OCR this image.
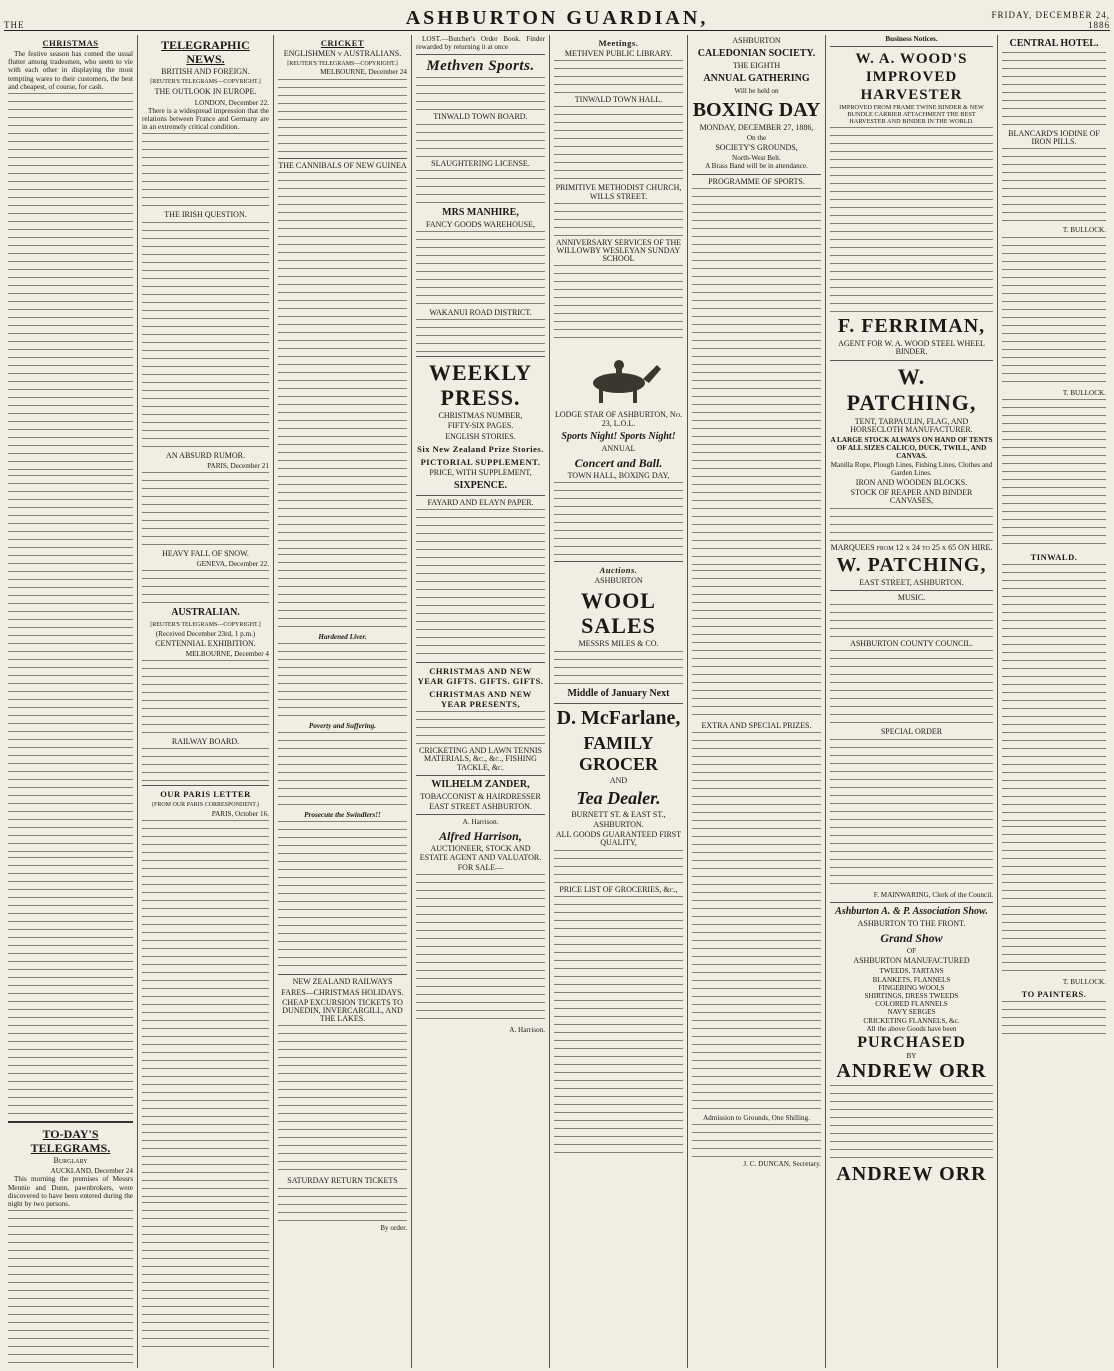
THE	ASHBURTON GUARDIAN,	FRIDAY, DECEMBER 24, 1886
CHRISTMAS

The festive season has comed the usual flutter among tradesmen, who seem to vie with each other in displaying the most tempting wares to their customers, the best and cheapest, of course, for cash.

TO-DAY'S TELEGRAMS.
Burglary
AUCKLAND, December 24

This morning the premises of Messrs Mennie and Dunn, pawnbrokers, were discovered to have been entered during the night by two persons.

TELEGRAPHIC NEWS.
BRITISH AND FOREIGN.
[REUTER'S TELEGRAMS—COPYRIGHT.]
THE OUTLOOK IN EUROPE.
LONDON, December 22.

There is a widespread impression that the relations between France and Germany are in an extremely critical condition.

THE IRISH QUESTION.
AN ABSURD RUMOR.
PARIS, December 21
HEAVY FALL OF SNOW.
GENEVA, December 22.
AUSTRALIAN.
[REUTER'S TELEGRAMS—COPYRIGHT.]
(Received December 23rd, 1 p.m.)
CENTENNIAL EXHIBITION.
MELBOURNE, December 4
RAILWAY BOARD.
OUR PARIS LETTER
(FROM OUR PARIS CORRESPONDENT.)
PARIS, October 16.
CRICKET
ENGLISHMEN v AUSTRALIANS.
[REUTER'S TELEGRAMS—COPYRIGHT.]
MELBOURNE, December 24
THE CANNIBALS OF NEW GUINEA
Hardened Liver.
Poverty and Suffering.
Prosecute the Swindlers!!
NEW ZEALAND RAILWAYS
FARES—CHRISTMAS HOLIDAYS.
CHEAP EXCURSION TICKETS TO DUNEDIN, INVERCARGILL, AND THE LAKES.
SATURDAY RETURN TICKETS
By order.

LOST.—Butcher's Order Book. Finder rewarded by returning it at once

Methven Sports.
TINWALD TOWN BOARD.
SLAUGHTERING LICENSE.
MRS MANHIRE,
FANCY GOODS WAREHOUSE,
WAKANUI ROAD DISTRICT.
WEEKLY PRESS.
CHRISTMAS NUMBER,
FIFTY-SIX PAGES.
ENGLISH STORIES.
Six New Zealand Prize Stories.
PICTORIAL SUPPLEMENT.
PRICE, WITH SUPPLEMENT,
SIXPENCE.
FAYARD AND ELAYN PAPER.
CHRISTMAS AND NEW YEAR GIFTS. GIFTS. GIFTS.
CHRISTMAS AND NEW YEAR PRESENTS,
CRICKETING AND LAWN TENNIS MATERIALS, &c., &c., FISHING TACKLE, &c.
WILHELM ZANDER,
TOBACCONIST & HAIRDRESSER
EAST STREET ASHBURTON.
A. Harrison.
Alfred Harrison,
AUCTIONEER, STOCK AND ESTATE AGENT AND VALUATOR.
FOR SALE—
A. Harrison.
Meetings.
METHVEN PUBLIC LIBRARY.
TINWALD TOWN HALL.
PRIMITIVE METHODIST CHURCH, WILLS STREET.
ANNIVERSARY SERVICES OF THE WILLOWBY WESLEYAN SUNDAY SCHOOL
LODGE STAR OF ASHBURTON, No. 23, L.O.L.
Sports Night! Sports Night!
ANNUAL
Concert and Ball.
TOWN HALL, BOXING DAY,
Auctions.
ASHBURTON
WOOL SALES
MESSRS MILES & CO.
Middle of January Next
D. McFarlane,
FAMILY GROCER
AND
Tea Dealer.
BURNETT ST. & EAST ST.,
ASHBURTON.
ALL GOODS GUARANTEED FIRST QUALITY,
PRICE LIST OF GROCERIES, &c.,
ASHBURTON
CALEDONIAN SOCIETY.
THE EIGHTH
ANNUAL GATHERING
Will be held on
BOXING DAY
MONDAY, DECEMBER 27, 1886,
On the
SOCIETY'S GROUNDS,
North-West Belt.
A Brass Band will be in attendance.
PROGRAMME OF SPORTS.
EXTRA AND SPECIAL PRIZES.
Admission to Grounds, One Shilling.
J. C. DUNCAN, Secretary.
Business Notices.
W. A. WOOD'S IMPROVED HARVESTER
IMPROVED FROM FRAME TWINE BINDER & NEW BUNDLE CARRIER ATTACHMENT THE BEST HARVESTER AND BINDER IN THE WORLD.
F. FERRIMAN,
AGENT FOR W. A. WOOD STEEL WHEEL BINDER.
W. PATCHING,
TENT, TARPAULIN, FLAG, AND HORSECLOTH MANUFACTURER.
A LARGE STOCK ALWAYS ON HAND OF TENTS OF ALL SIZES CALICO, DUCK, TWILL, AND CANVAS.
Manilla Rope, Plough Lines, Fishing Lines, Clothes and Garden Lines.
IRON AND WOODEN BLOCKS.
STOCK OF REAPER AND BINDER CANVASES,
MARQUEES from 12 x 24 to 25 x 65 ON HIRE.
W. PATCHING,
EAST STREET, ASHBURTON.
MUSIC.
ASHBURTON COUNTY COUNCIL.
SPECIAL ORDER
F. MAINWARING, Clerk of the Council.
Ashburton A. & P. Association Show.
ASHBURTON TO THE FRONT.
Grand Show
OF
ASHBURTON MANUFACTURED
TWEEDS, TARTANS
BLANKETS, FLANNELS
FINGERING WOOLS
SHIRTINGS, DRESS TWEEDS
COLORED FLANNELS
NAVY SERGES
CRICKETING FLANNELS, &c.
All the above Goods have been
PURCHASED
BY
ANDREW ORR
ANDREW ORR
CENTRAL HOTEL.
BLANCARD'S IODINE OF IRON PILLS.
T. BULLOCK.
T. BULLOCK.
TINWALD.
T. BULLOCK.
TO PAINTERS.
